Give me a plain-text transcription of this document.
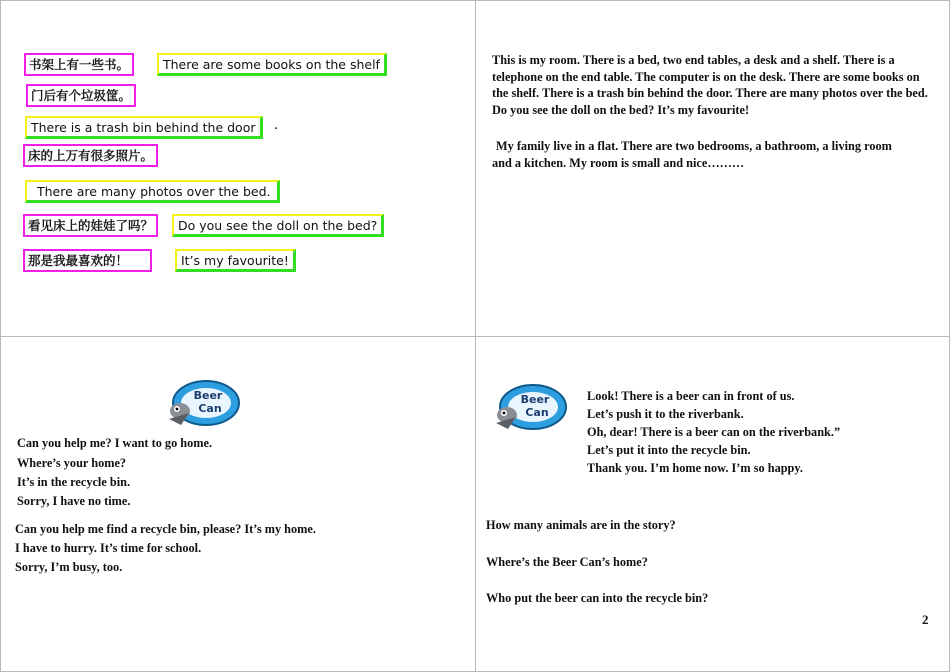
书架上有一些书。	There are some books on the shelf
门后有个垃圾筐。
There is a trash bin behind the door	.
床的上万有很多照片。
There are many photos over the bed.
看见床上的娃娃了吗？	Do you see the doll on the bed?
那是我最喜欢的！	It’s my favourite!
This is my room. There is a bed, two end tables, a desk and a shelf. There is a telephone on the end table. The computer is on the desk. There are some books on the shelf. There is a trash bin behind the door. There are many photos over the bed. Do you see the doll on the bed? It’s my favourite!
My family live in a flat. There are two bedrooms, a bathroom, a living room and a kitchen. My room is small and nice………
Beer
Can
Can you help me? I want to go home.
Where’s your home?
It’s in the recycle bin.
Sorry, I have no time.
Can you help me find a recycle bin, please? It’s my home.
I have to hurry. It’s time for school.
Sorry, I’m busy, too.
Beer
Can
Look! There is a beer can in front of us.
Let’s push it to the riverbank.
Oh, dear! There is a beer can on the riverbank.”
Let’s put it into the recycle bin.
Thank you. I’m home now. I’m so happy.
How many animals are in the story?
Where’s the Beer Can’s home?
Who put the beer can into the recycle bin?
2
